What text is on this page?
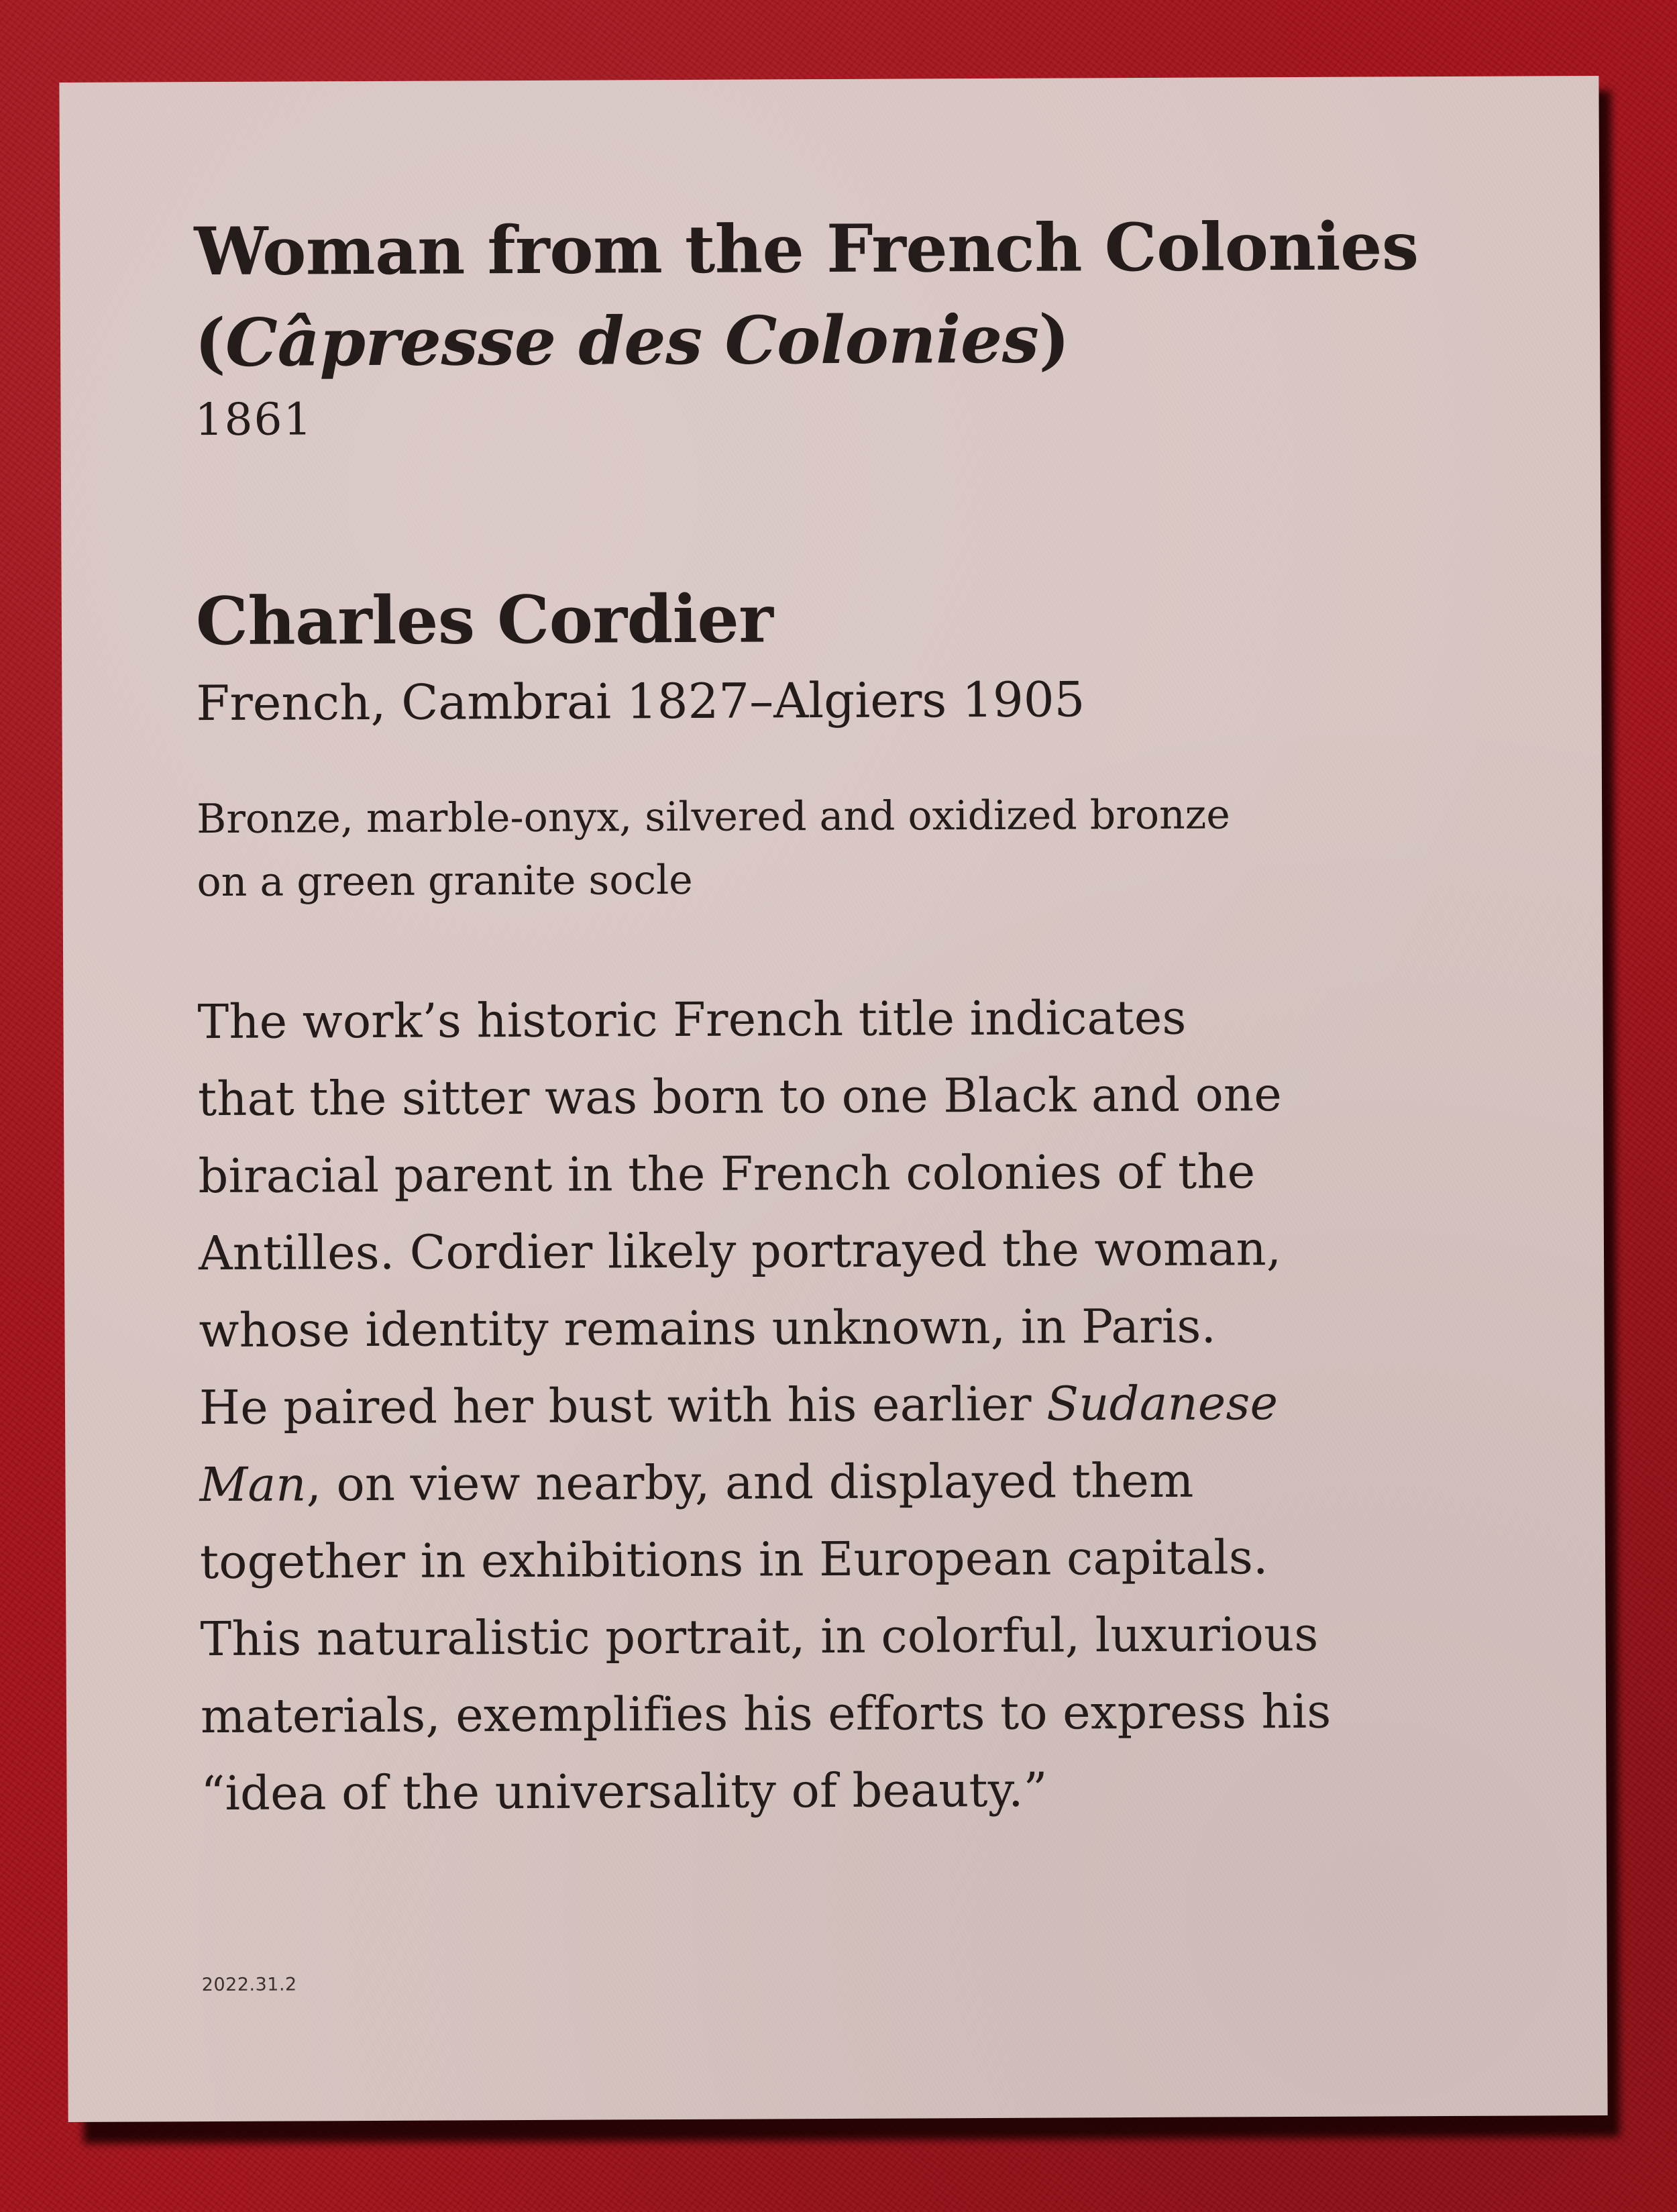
Woman from the French Colonies
(Câpresse des Colonies)

1861

Charles Cordier

French, Cambrai 1827–Algiers 1905

Bronze, marble-onyx, silvered and oxidized bronze
on a green granite socle

The work’s historic French title indicates
that the sitter was born to one Black and one
biracial parent in the French colonies of the
Antilles. Cordier likely portrayed the woman,
whose identity remains unknown, in Paris.
He paired her bust with his earlier Sudanese
Man, on view nearby, and displayed them
together in exhibitions in European capitals.
This naturalistic portrait, in colorful, luxurious
materials, exemplifies his efforts to express his
“idea of the universality of beauty.”

2022.31.2
